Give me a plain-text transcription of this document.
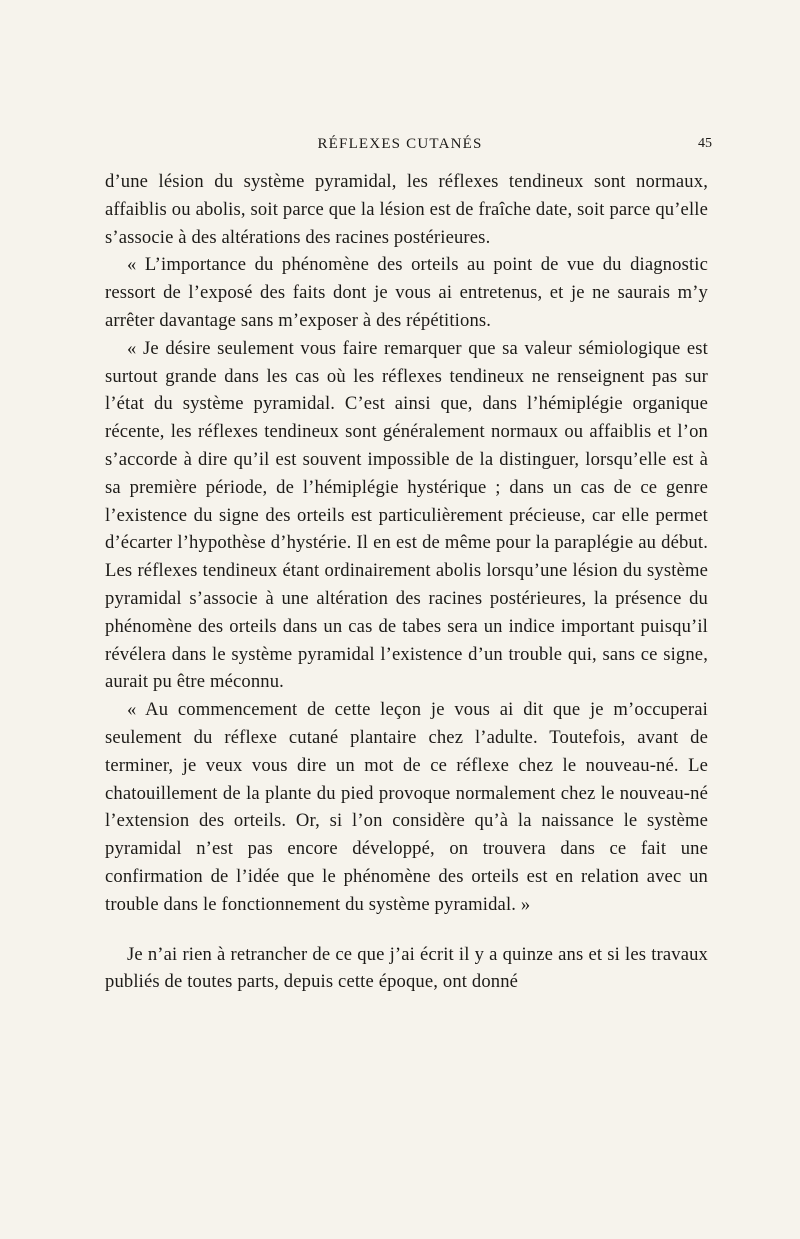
RÉFLEXES CUTANÉS	45

d’une lésion du système pyramidal, les réflexes tendineux sont normaux, affaiblis ou abolis, soit parce que la lésion est de fraîche date, soit parce qu’elle s’associe à des altérations des racines postérieures.

« L’importance du phénomène des orteils au point de vue du diagnostic ressort de l’exposé des faits dont je vous ai entretenus, et je ne saurais m’y arrêter davantage sans m’exposer à des répétitions.

« Je désire seulement vous faire remarquer que sa valeur sémiologique est surtout grande dans les cas où les réflexes tendineux ne renseignent pas sur l’état du système pyramidal. C’est ainsi que, dans l’hémiplégie organique récente, les réflexes tendineux sont généralement normaux ou affaiblis et l’on s’accorde à dire qu’il est souvent impossible de la distinguer, lorsqu’elle est à sa première période, de l’hémiplégie hystérique ; dans un cas de ce genre l’existence du signe des orteils est particulièrement précieuse, car elle permet d’écarter l’hypothèse d’hystérie. Il en est de même pour la paraplégie au début. Les réflexes tendineux étant ordinairement abolis lorsqu’une lésion du système pyramidal s’associe à une altération des racines postérieures, la présence du phénomène des orteils dans un cas de tabes sera un indice important puisqu’il révélera dans le système pyramidal l’existence d’un trouble qui, sans ce signe, aurait pu être méconnu.

« Au commencement de cette leçon je vous ai dit que je m’occuperai seulement du réflexe cutané plantaire chez l’adulte. Toutefois, avant de terminer, je veux vous dire un mot de ce réflexe chez le nouveau-né. Le chatouillement de la plante du pied provoque normalement chez le nouveau-né l’extension des orteils. Or, si l’on considère qu’à la naissance le système pyramidal n’est pas encore développé, on trouvera dans ce fait une confirmation de l’idée que le phénomène des orteils est en relation avec un trouble dans le fonctionnement du système pyramidal. »

Je n’ai rien à retrancher de ce que j’ai écrit il y a quinze ans et si les travaux publiés de toutes parts, depuis cette époque, ont donné
